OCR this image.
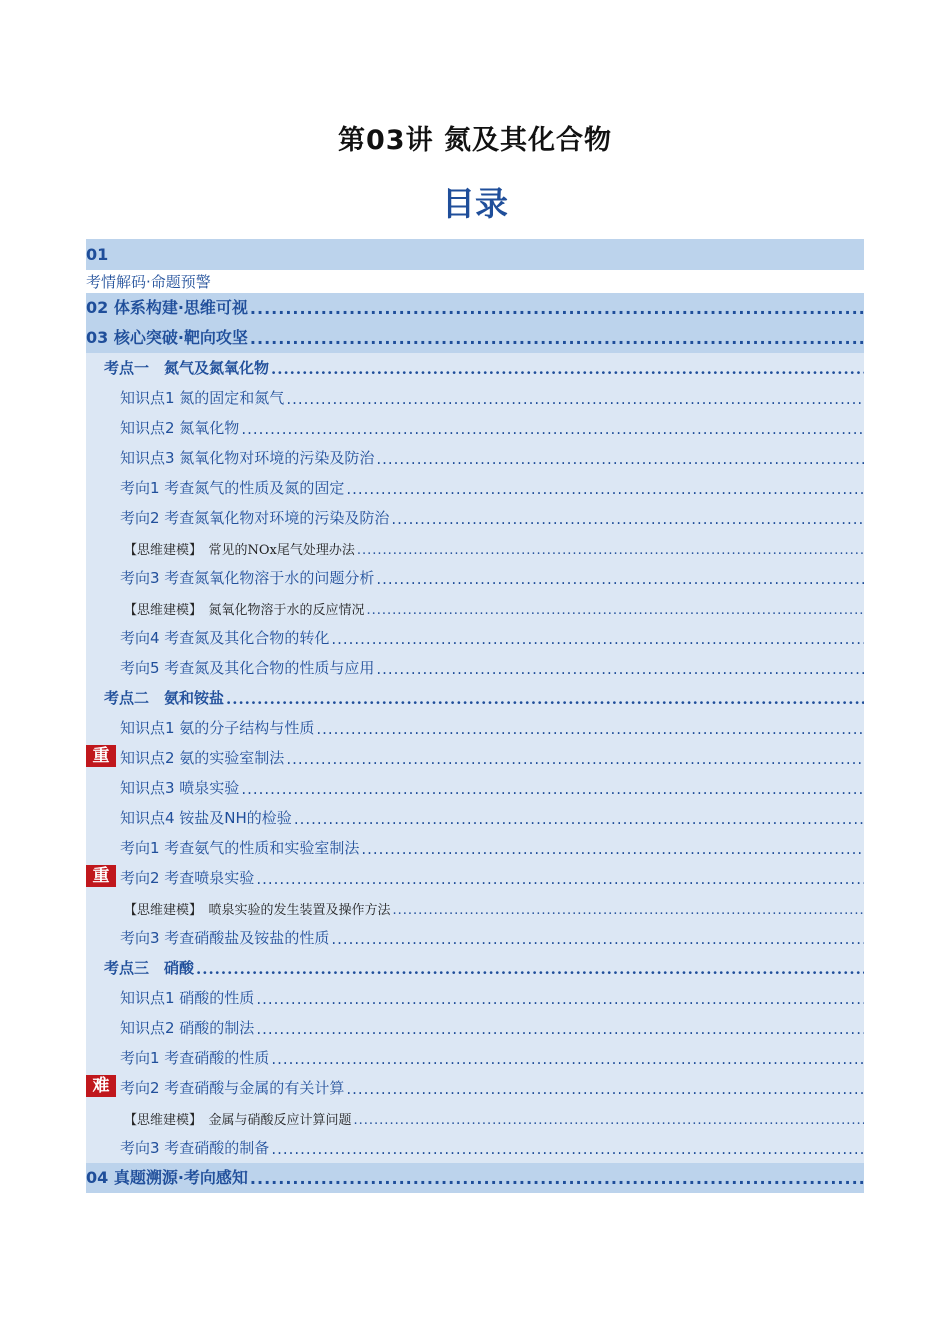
第03讲 氮及其化合物
目录
01
考情解码·命题预警
02 体系构建·思维可视
.....
03 核心突破·靶向攻坚
.....
考点一　氮气及氮氧化物
.....
知识点1 氮的固定和氮气
.....
知识点2 氮氧化物
.....
知识点3 氮氧化物对环境的污染及防治
.....
考向1 考查氮气的性质及氮的固定
.....
考向2 考查氮氧化物对环境的污染及防治
.....
【思维建模】　常见的NOx尾气处理办法
.....
考向3 考查氮氧化物溶于水的问题分析
.....
【思维建模】　氮氧化物溶于水的反应情况
.....
考向4 考查氮及其化合物的转化
.....
考向5 考查氮及其化合物的性质与应用
.....
考点二　氨和铵盐
.....
知识点1 氨的分子结构与性质
.....
重 知识点2 氨的实验室制法
.....
知识点3 喷泉实验
.....
知识点4 铵盐及NH的检验
.....
考向1 考查氨气的性质和实验室制法
.....
重 考向2 考查喷泉实验
.....
【思维建模】　喷泉实验的发生装置及操作方法
.....
考向3 考查硝酸盐及铵盐的性质
.....
考点三　硝酸
.....
知识点1 硝酸的性质
.....
知识点2 硝酸的制法
.....
考向1 考查硝酸的性质
.....
难 考向2 考查硝酸与金属的有关计算
.....
【思维建模】　金属与硝酸反应计算问题
.....
考向3 考查硝酸的制备
.....
04 真题溯源·考向感知
.....
